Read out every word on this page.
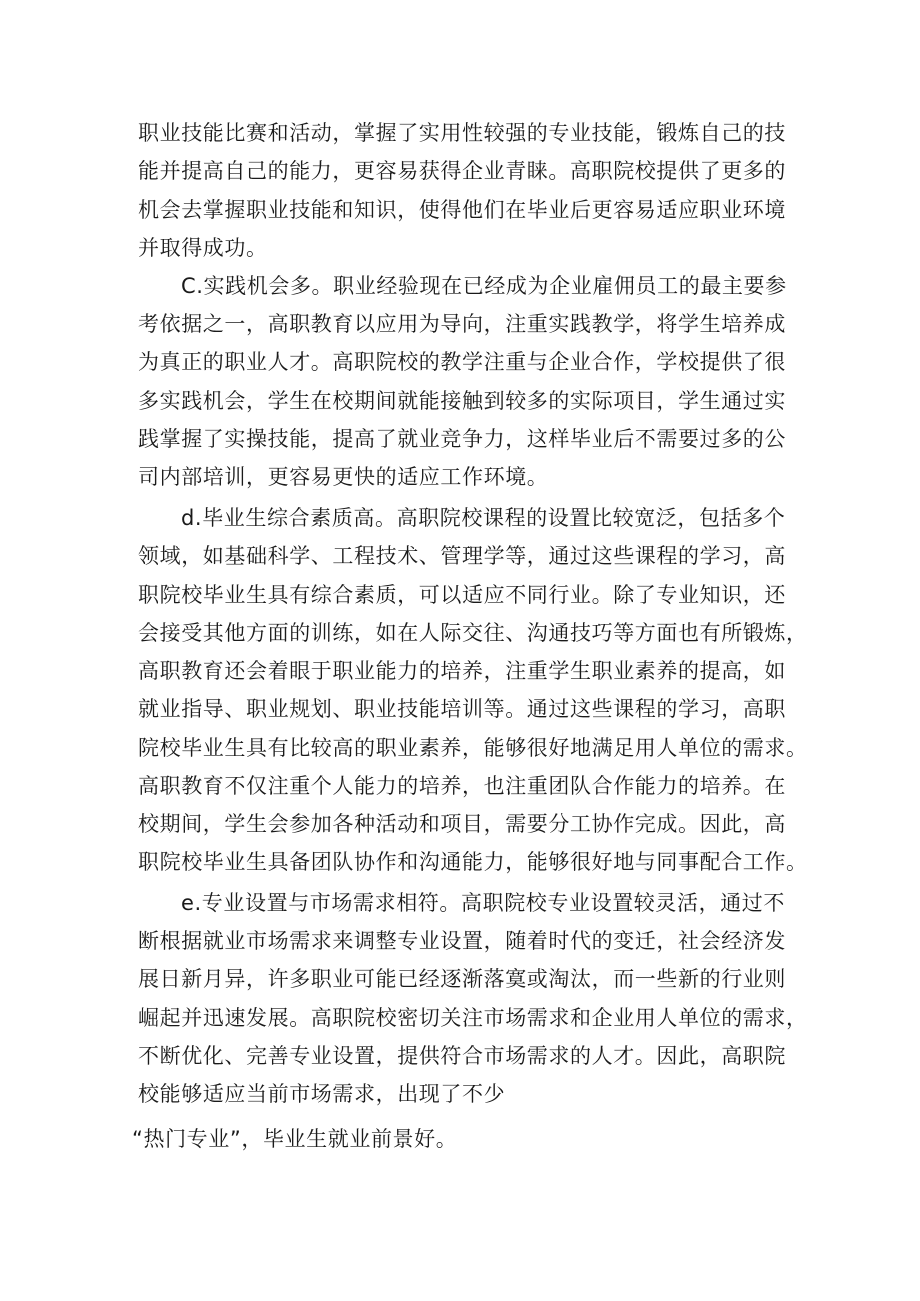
职业技能比赛和活动，掌握了实用性较强的专业技能，锻炼自己的技
能并提高自己的能力，更容易获得企业青睐。高职院校提供了更多的
机会去掌握职业技能和知识，使得他们在毕业后更容易适应职业环境
并取得成功。
C.实践机会多。职业经验现在已经成为企业雇佣员工的最主要参
考依据之一，高职教育以应用为导向，注重实践教学，将学生培养成
为真正的职业人才。高职院校的教学注重与企业合作，学校提供了很
多实践机会，学生在校期间就能接触到较多的实际项目，学生通过实
践掌握了实操技能，提高了就业竞争力，这样毕业后不需要过多的公
司内部培训，更容易更快的适应工作环境。
d.毕业生综合素质高。高职院校课程的设置比较宽泛，包括多个
领域，如基础科学、工程技术、管理学等，通过这些课程的学习，高
职院校毕业生具有综合素质，可以适应不同行业。除了专业知识，还
会接受其他方面的训练，如在人际交往、沟通技巧等方面也有所锻炼，
高职教育还会着眼于职业能力的培养，注重学生职业素养的提高，如
就业指导、职业规划、职业技能培训等。通过这些课程的学习，高职
院校毕业生具有比较高的职业素养，能够很好地满足用人单位的需求。
高职教育不仅注重个人能力的培养，也注重团队合作能力的培养。在
校期间，学生会参加各种活动和项目，需要分工协作完成。因此，高
职院校毕业生具备团队协作和沟通能力，能够很好地与同事配合工作。
e.专业设置与市场需求相符。高职院校专业设置较灵活，通过不
断根据就业市场需求来调整专业设置，随着时代的变迁，社会经济发
展日新月异，许多职业可能已经逐渐落寞或淘汰，而一些新的行业则
崛起并迅速发展。高职院校密切关注市场需求和企业用人单位的需求，
不断优化、完善专业设置，提供符合市场需求的人才。因此，高职院
校能够适应当前市场需求，出现了不少
“热门专业”，毕业生就业前景好。
